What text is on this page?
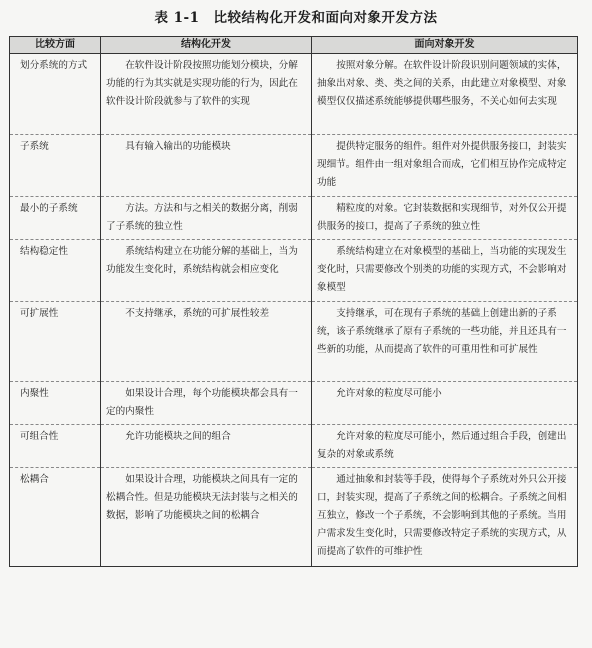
表 1-1 比较结构化开发和面向对象开发方法
比较方面	结构化开发	面向对象开发
划分系统的方式	在软件设计阶段按照功能划分模块，分解功能的行为其实就是实现功能的行为，因此在软件设计阶段就参与了软件的实现	按照对象分解。在软件设计阶段识别问题领域的实体，抽象出对象、类、类之间的关系，由此建立对象模型、对象模型仅仅描述系统能够提供哪些服务，不关心如何去实现
子系统	具有输入输出的功能模块	提供特定服务的组件。组件对外提供服务接口，封装实现细节。组件由一组对象组合而成，它们相互协作完成特定功能
最小的子系统	方法。方法和与之相关的数据分离，削弱了子系统的独立性	精粒度的对象。它封装数据和实现细节，对外仅公开提供服务的接口，提高了子系统的独立性
结构稳定性	系统结构建立在功能分解的基础上，当为功能发生变化时，系统结构就会相应变化	系统结构建立在对象模型的基础上，当功能的实现发生变化时，只需要修改个别类的功能的实现方式，不会影响对象模型
可扩展性	不支持继承，系统的可扩展性较差	支持继承，可在现有子系统的基础上创建出新的子系统，该子系统继承了原有子系统的一些功能，并且还具有一些新的功能，从而提高了软件的可重用性和可扩展性
内聚性	如果设计合理，每个功能模块都会具有一定的内聚性	允许对象的粒度尽可能小
可组合性	允许功能模块之间的组合	允许对象的粒度尽可能小，然后通过组合手段，创建出复杂的对象或系统
松耦合	如果设计合理，功能模块之间具有一定的松耦合性。但是功能模块无法封装与之相关的数据，影响了功能模块之间的松耦合	通过抽象和封装等手段，使得每个子系统对外只公开接口，封装实现，提高了子系统之间的松耦合。子系统之间相互独立，修改一个子系统，不会影响到其他的子系统。当用户需求发生变化时，只需要修改特定子系统的实现方式，从而提高了软件的可维护性
